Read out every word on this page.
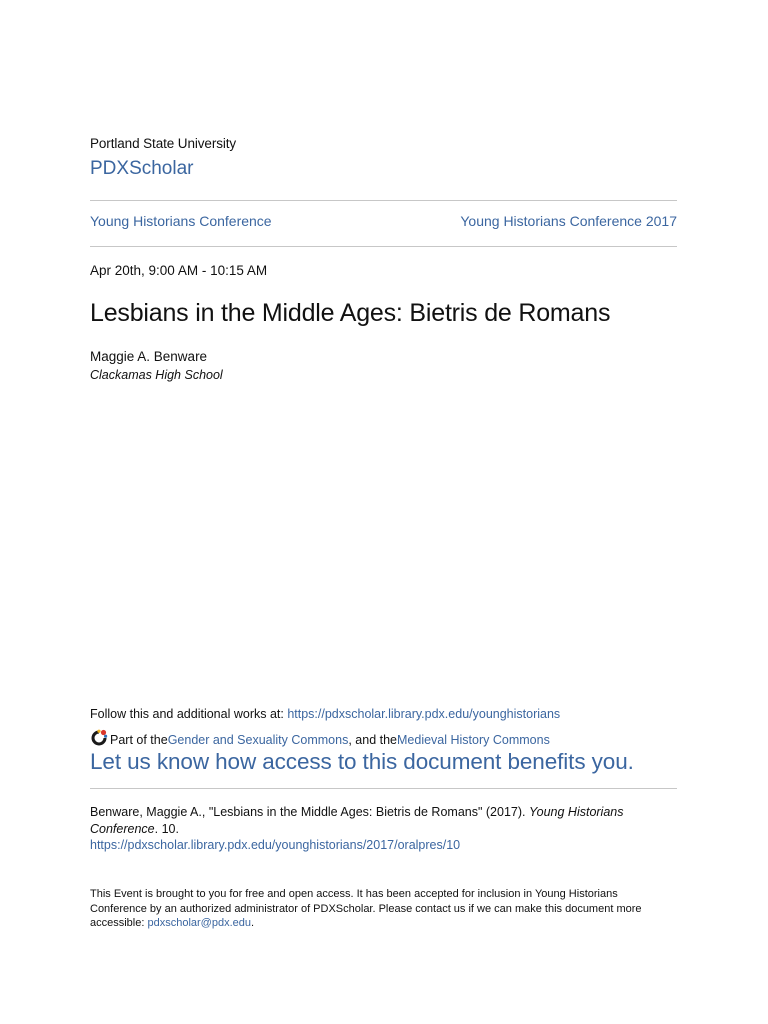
Portland State University
PDXScholar
Young Historians Conference	Young Historians Conference 2017
Apr 20th, 9:00 AM - 10:15 AM
Lesbians in the Middle Ages: Bietris de Romans
Maggie A. Benware
Clackamas High School
Follow this and additional works at: https://pdxscholar.library.pdx.edu/younghistorians
Part of the Gender and Sexuality Commons , and the Medieval History Commons
Let us know how access to this document benefits you.
Benware, Maggie A., "Lesbians in the Middle Ages: Bietris de Romans" (2017). Young Historians Conference. 10.
https://pdxscholar.library.pdx.edu/younghistorians/2017/oralpres/10
This Event is brought to you for free and open access. It has been accepted for inclusion in Young Historians Conference by an authorized administrator of PDXScholar. Please contact us if we can make this document more accessible: pdxscholar@pdx.edu.
